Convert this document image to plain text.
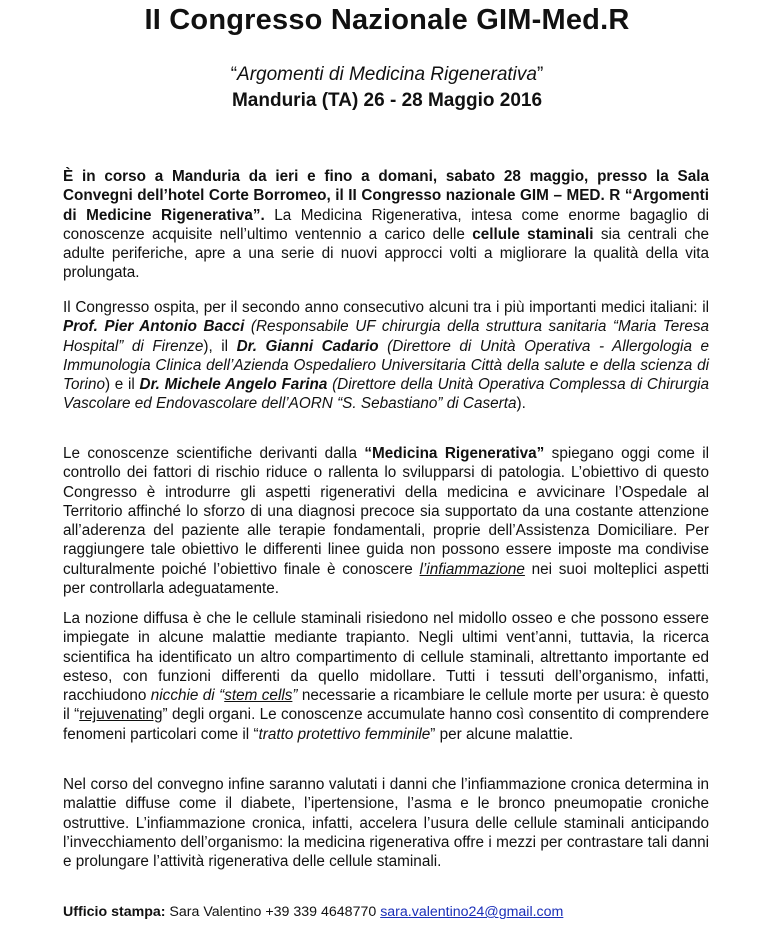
II Congresso Nazionale GIM-Med.R
“Argomenti di Medicina Rigenerativa”
Manduria (TA) 26 - 28 Maggio 2016

È in corso a Manduria da ieri e fino a domani, sabato 28 maggio, presso la Sala Convegni dell’hotel Corte Borromeo, il II Congresso nazionale GIM – MED. R “Argomenti di Medicine Rigenerativa”. La Medicina Rigenerativa, intesa come enorme bagaglio di conoscenze acquisite nell’ultimo ventennio a carico delle cellule staminali sia centrali che adulte periferiche, apre a una serie di nuovi approcci volti a migliorare la qualità della vita prolungata.

Il Congresso ospita, per il secondo anno consecutivo alcuni tra i più importanti medici italiani: il Prof. Pier Antonio Bacci (Responsabile UF chirurgia della struttura sanitaria “Maria Teresa Hospital” di Firenze), il Dr. Gianni Cadario (Direttore di Unità Operativa - Allergologia e Immunologia Clinica dell’Azienda Ospedaliero Universitaria Città della salute e della scienza di Torino) e il Dr. Michele Angelo Farina (Direttore della Unità Operativa Complessa di Chirurgia Vascolare ed Endovascolare dell’AORN “S. Sebastiano” di Caserta).

Le conoscenze scientifiche derivanti dalla “Medicina Rigenerativa” spiegano oggi come il controllo dei fattori di rischio riduce o rallenta lo svilupparsi di patologia. L’obiettivo di questo Congresso è introdurre gli aspetti rigenerativi della medicina e avvicinare l’Ospedale al Territorio affinché lo sforzo di una diagnosi precoce sia supportato da una costante attenzione all’aderenza del paziente alle terapie fondamentali, proprie dell’Assistenza Domiciliare. Per raggiungere tale obiettivo le differenti linee guida non possono essere imposte ma condivise culturalmente poiché l’obiettivo finale è conoscere l’infiammazione nei suoi molteplici aspetti per controllarla adeguatamente.

La nozione diffusa è che le cellule staminali risiedono nel midollo osseo e che possono essere impiegate in alcune malattie mediante trapianto. Negli ultimi vent’anni, tuttavia, la ricerca scientifica ha identificato un altro compartimento di cellule staminali, altrettanto importante ed esteso, con funzioni differenti da quello midollare. Tutti i tessuti dell’organismo, infatti, racchiudono nicchie di “stem cells” necessarie a ricambiare le cellule morte per usura: è questo il “rejuvenating” degli organi. Le conoscenze accumulate hanno così consentito di comprendere fenomeni particolari come il “tratto protettivo femminile” per alcune malattie.

Nel corso del convegno infine saranno valutati i danni che l’infiammazione cronica determina in malattie diffuse come il diabete, l’ipertensione, l’asma e le bronco pneumopatie croniche ostruttive. L’infiammazione cronica, infatti, accelera l’usura delle cellule staminali anticipando l’invecchiamento dell’organismo: la medicina rigenerativa offre i mezzi per contrastare tali danni e prolungare l’attività rigenerativa delle cellule staminali.

Ufficio stampa: Sara Valentino +39 339 4648770 sara.valentino24@gmail.com
